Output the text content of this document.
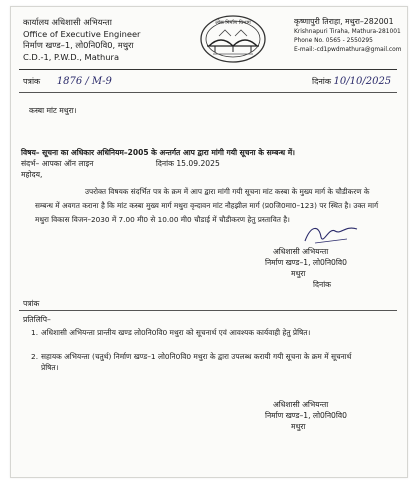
कार्यालय अधिशासी अभियन्ता
Office of Executive Engineer
निर्माण खण्ड–1, लो0नि0वि0, मथुरा
C.D.-1, P.W.D., Mathura
लोक निर्माण विभाग	कृष्णापुरी तिराहा, मथुरा–282001
Krishnapuri Tiraha, Mathura-281001
Phone No. 0565 - 2550295
E-mail:-cd1pwdmathura@gmail.com
पत्रांक 1876 / M-9	दिनांक 10/10/2025
कस्बा मांट मथुरा।
विषय– सूचना का अधिकार अधिनियम–2005 के अन्तर्गत आप द्वारा मांगी गयी सूचना के सम्बन्ध में।
संदर्भ– आपका ऑन लाइन	दिनांक 15.09.2025
महोदय,
उपरोक्त विषयक संदर्भित पत्र के क्रम में आप द्वारा मांगी गयी सूचना मांट कस्बा के मुख्य मार्ग के चौडीकरण के सम्बन्ध में अवगत कराना है कि मांट कस्बा मुख्य मार्ग मथुरा वृन्दावन मांट नौहझील मार्ग (प्र0जि0मा0–123) पर स्थित है। उक्त मार्ग मथुरा विकास विजन–2030 में 7.00 मी0 से 10.00 मी0 चौडाई में चौडीकरण हेतु प्रस्तावित है।
अधिशासी अभियन्ता
निर्माण खण्ड–1, लो0नि0वि0
मथुरा
दिनांक
पत्रांक
प्रतिलिपि–
1. अधिशासी अभियन्ता प्रान्तीय खण्ड लो0नि0वि0 मथुरा को सूचनार्थ एवं आवश्यक कार्यवाही हेतु प्रेषित।
2. सहायक अभियन्ता (चतुर्थ) निर्माण खण्ड–1 लो0नि0वि0 मथुरा के द्वारा उपलब्ध करायी गयी सूचना के क्रम में सूचनार्थ प्रेषित।
अधिशासी अभियन्ता
निर्माण खण्ड–1, लो0नि0वि0
मथुरा
